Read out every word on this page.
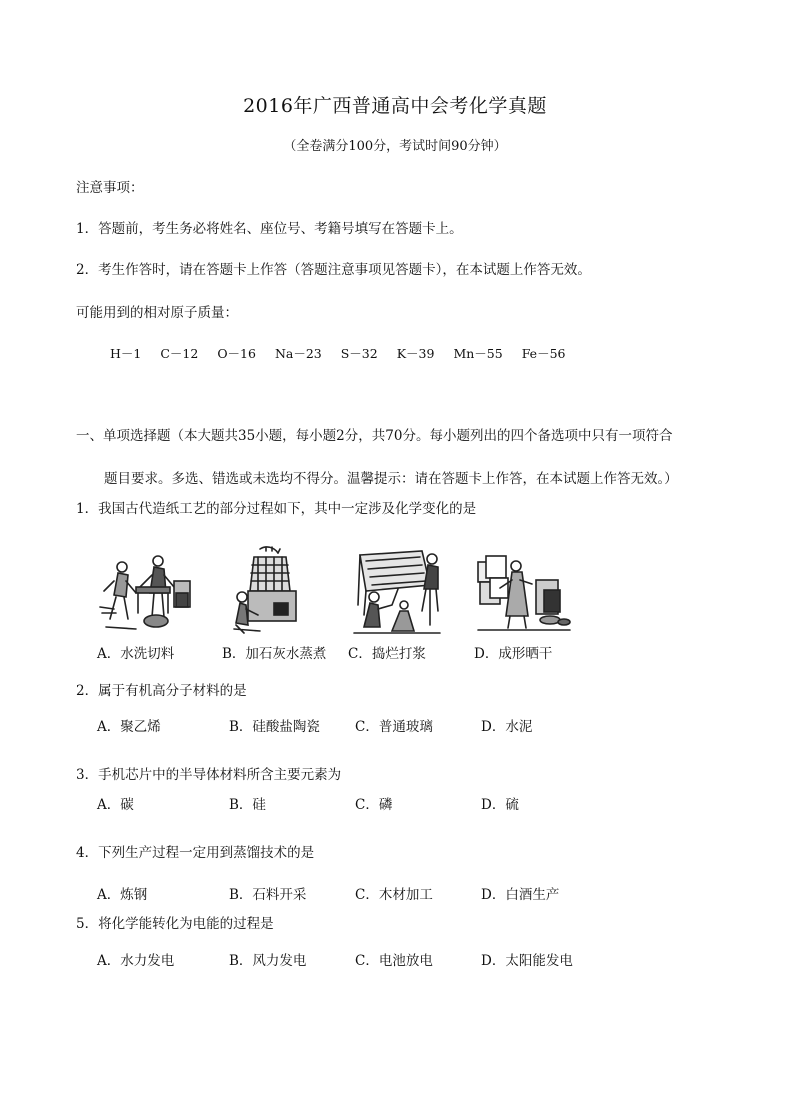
2016年广西普通高中会考化学真题
（全卷满分100分，考试时间90分钟）
注意事项：
1．答题前，考生务必将姓名、座位号、考籍号填写在答题卡上。
2．考生作答时，请在答题卡上作答（答题注意事项见答题卡），在本试题上作答无效。
可能用到的相对原子质量：
H－1 C－12 O－16 Na－23 S－32 K－39 Mn－55 Fe－56
一、单项选择题（本大题共35小题，每小题2分，共70分。每小题列出的四个备选项中只有一项符合
题目要求。多选、错选或未选均不得分。温馨提示：请在答题卡上作答，在本试题上作答无效。）
1．我国古代造纸工艺的部分过程如下，其中一定涉及化学变化的是
A．水洗切料	B．加石灰水蒸煮 C．捣烂打浆	D．成形晒干
2．属于有机高分子材料的是
A．聚乙烯	B．硅酸盐陶瓷	C．普通玻璃	D．水泥
3．手机芯片中的半导体材料所含主要元素为
A．碳	B．硅	C．磷	D．硫
4．下列生产过程一定用到蒸馏技术的是
A．炼钢	B．石料开采	C．木材加工	D．白酒生产
5．将化学能转化为电能的过程是
A．水力发电	B．风力发电	C．电池放电	D．太阳能发电
